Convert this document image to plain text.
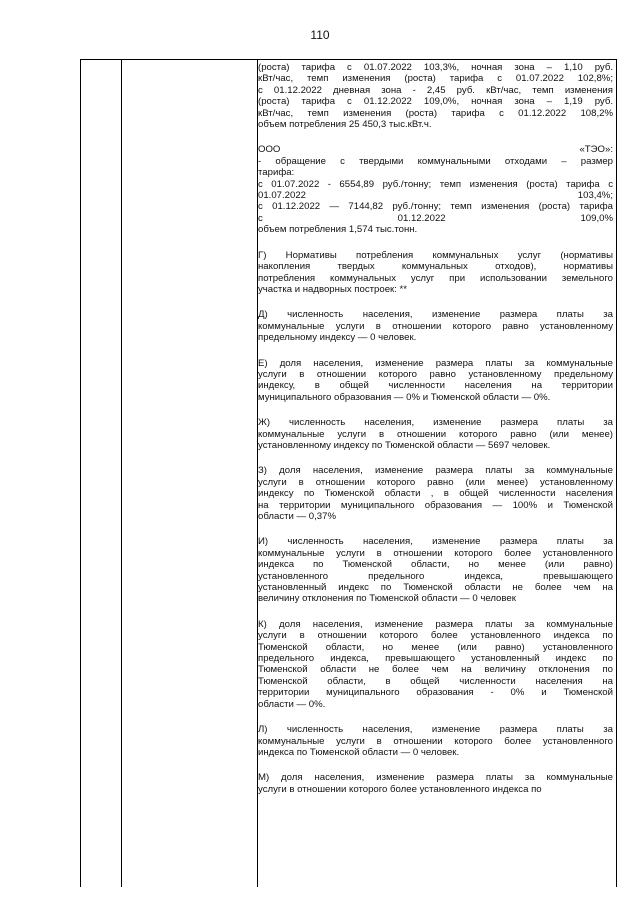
110
(роста) тарифа с 01.07.2022 103,3%, ночная зона – 1,10 руб.
кВт/час, темп изменения (роста) тарифа с 01.07.2022 102,8%;
с 01.12.2022 дневная зона - 2,45 руб. кВт/час, темп изменения
(роста) тарифа с 01.12.2022 109,0%, ночная зона – 1,19 руб.
кВт/час, темп изменения (роста) тарифа с 01.12.2022 108,2%
объем потребления 25 450,3 тыс.кВт.ч.
ООО «ТЭО»:
- обращение с твердыми коммунальными отходами – размер
тарифа:
с 01.07.2022 - 6554,89 руб./тонну; темп изменения (роста) тарифа с
01.07.2022 103,4%;
с 01.12.2022 — 7144,82 руб./тонну; темп изменения (роста) тарифа
с 01.12.2022 109,0%
объем потребления 1,574 тыс.тонн.
Г) Нормативы потребления коммунальных услуг (нормативы
накопления твердых коммунальных отходов), нормативы
потребления коммунальных услуг при использовании земельного
участка и надворных построек: **
Д) численность населения, изменение размера платы за
коммунальные услуги в отношении которого равно установленному
предельному индексу — 0 человек.
Е) доля населения, изменение размера платы за коммунальные
услуги в отношении которого равно установленному предельному
индексу, в общей численности населения на территории
муниципального образования — 0% и Тюменской области — 0%.
Ж) численность населения, изменение размера платы за
коммунальные услуги в отношении которого равно (или менее)
установленному индексу по Тюменской области — 5697 человек.
З) доля населения, изменение размера платы за коммунальные
услуги в отношении которого равно (или менее) установленному
индексу по Тюменской области , в общей численности населения
на территории муниципального образования — 100% и Тюменской
области — 0,37%
И) численность населения, изменение размера платы за
коммунальные услуги в отношении которого более установленного
индекса по Тюменской области, но менее (или равно)
установленного предельного индекса, превышающего
установленный индекс по Тюменской области не более чем на
величину отклонения по Тюменской области — 0 человек
К) доля населения, изменение размера платы за коммунальные
услуги в отношении которого более установленного индекса по
Тюменской области, но менее (или равно) установленного
предельного индекса, превышающего установленный индекс по
Тюменской области не более чем на величину отклонения по
Тюменской области, в общей численности населения на
территории муниципального образования - 0% и Тюменской
области — 0%.
Л) численность населения, изменение размера платы за
коммунальные услуги в отношении которого более установленного
индекса по Тюменской области — 0 человек.
М) доля населения, изменение размера платы за коммунальные
услуги в отношении которого более установленного индекса по
